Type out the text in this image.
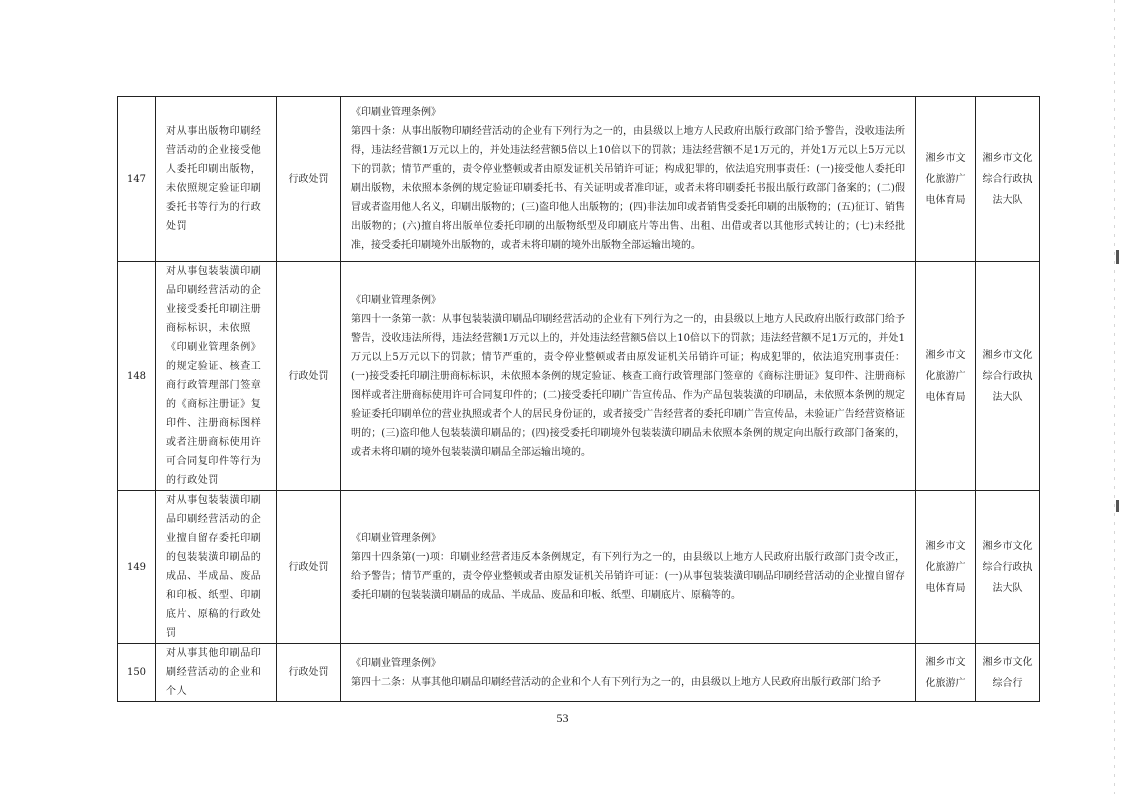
147	对从事出版物印刷经营活动的企业接受他人委托印刷出版物，未依照规定验证印刷委托书等行为的行政处罚	行政处罚	《印刷业管理条例》
第四十条：从事出版物印刷经营活动的企业有下列行为之一的，由县级以上地方人民政府出版行政部门给予警告，没收违法所得，违法经营额1万元以上的，并处违法经营额5倍以上10倍以下的罚款；违法经营额不足1万元的，并处1万元以上5万元以下的罚款；情节严重的，责令停业整顿或者由原发证机关吊销许可证；构成犯罪的，依法追究刑事责任：(一)接受他人委托印刷出版物，未依照本条例的规定验证印刷委托书、有关证明或者准印证，或者未将印刷委托书报出版行政部门备案的；(二)假冒或者盗用他人名义，印刷出版物的；(三)盗印他人出版物的；(四)非法加印或者销售受委托印刷的出版物的；(五)征订、销售出版物的；(六)擅自将出版单位委托印刷的出版物纸型及印刷底片等出售、出租、出借或者以其他形式转让的；(七)未经批准，接受委托印刷境外出版物的，或者未将印刷的境外出版物全部运输出境的。	湘乡市文化旅游广电体育局	湘乡市文化综合行政执法大队

148	对从事包装装潢印刷品印刷经营活动的企业接受委托印刷注册商标标识，未依照《印刷业管理条例》的规定验证、核查工商行政管理部门签章的《商标注册证》复印件、注册商标图样或者注册商标使用许可合同复印件等行为的行政处罚	行政处罚	《印刷业管理条例》
第四十一条第一款：从事包装装潢印刷品印刷经营活动的企业有下列行为之一的，由县级以上地方人民政府出版行政部门给予警告，没收违法所得，违法经营额1万元以上的，并处违法经营额5倍以上10倍以下的罚款；违法经营额不足1万元的，并处1万元以上5万元以下的罚款；情节严重的，责令停业整顿或者由原发证机关吊销许可证；构成犯罪的，依法追究刑事责任：(一)接受委托印刷注册商标标识，未依照本条例的规定验证、核查工商行政管理部门签章的《商标注册证》复印件、注册商标图样或者注册商标使用许可合同复印件的；(二)接受委托印刷广告宣传品、作为产品包装装潢的印刷品，未依照本条例的规定验证委托印刷单位的营业执照或者个人的居民身份证的，或者接受广告经营者的委托印刷广告宣传品，未验证广告经营资格证明的；(三)盗印他人包装装潢印刷品的；(四)接受委托印刷境外包装装潢印刷品未依照本条例的规定向出版行政部门备案的，或者未将印刷的境外包装装潢印刷品全部运输出境的。	湘乡市文化旅游广电体育局	湘乡市文化综合行政执法大队

149	对从事包装装潢印刷品印刷经营活动的企业擅自留存委托印刷的包装装潢印刷品的成品、半成品、废品和印板、纸型、印刷底片、原稿的行政处罚	行政处罚	《印刷业管理条例》
第四十四条第(一)项：印刷业经营者违反本条例规定，有下列行为之一的，由县级以上地方人民政府出版行政部门责令改正，给予警告；情节严重的，责令停业整顿或者由原发证机关吊销许可证：(一)从事包装装潢印刷品印刷经营活动的企业擅自留存委托印刷的包装装潢印刷品的成品、半成品、废品和印板、纸型、印刷底片、原稿等的。	湘乡市文化旅游广电体育局	湘乡市文化综合行政执法大队

150	对从事其他印刷品印刷经营活动的企业和个人	行政处罚	《印刷业管理条例》
第四十二条：从事其他印刷品印刷经营活动的企业和个人有下列行为之一的，由县级以上地方人民政府出版行政部门给予	湘乡市文化旅游广	湘乡市文化综合行
53
